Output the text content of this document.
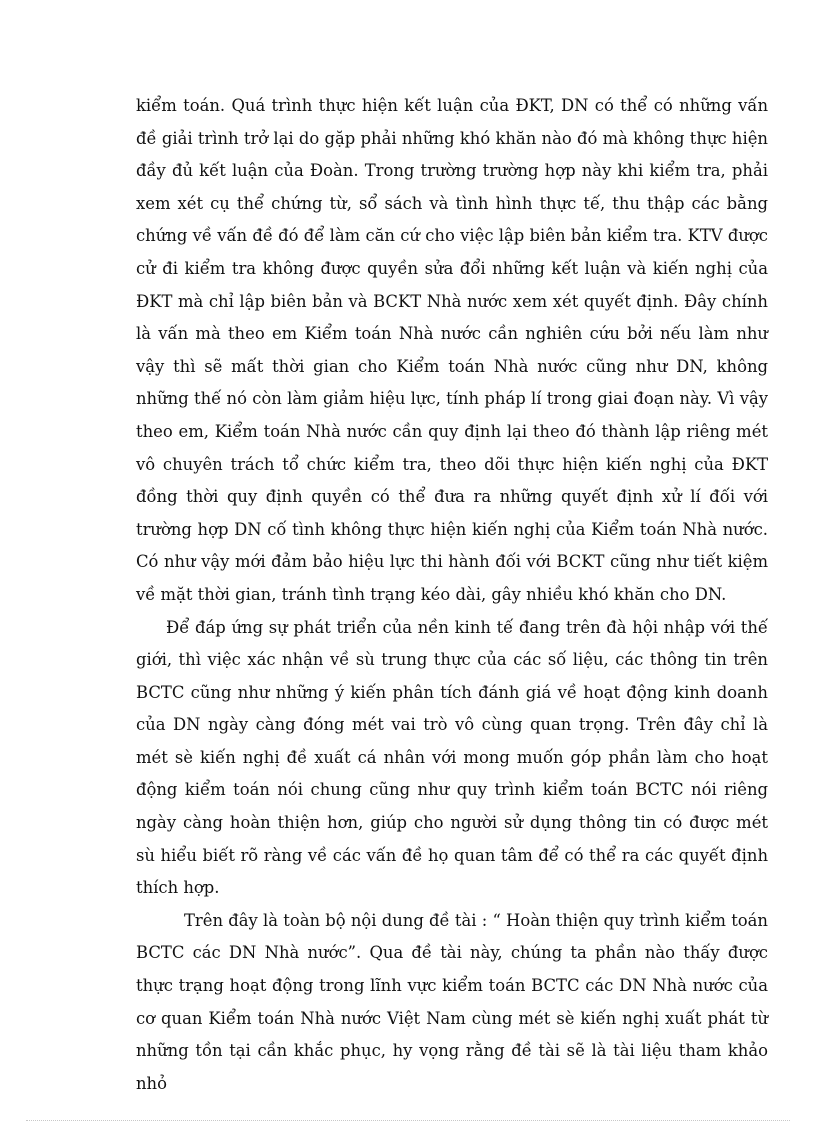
kiểm toán. Quá trình thực hiện kết luận của ĐKT, DN có thể có những vấn đề giải trình trở lại do gặp phải những khó khăn nào đó mà không thực hiện đầy đủ kết luận của Đoàn. Trong trường trường hợp này khi kiểm tra, phải xem xét cụ thể chứng từ, sổ sách và tình hình thực tế, thu thập các bằng chứng về vấn đề đó để làm căn cứ cho việc lập biên bản kiểm tra. KTV được cử đi kiểm tra không được quyền sửa đổi những kết luận và kiến nghị của ĐKT mà chỉ lập biên bản và BCKT Nhà nước xem xét quyết định. Đây chính là vấn mà theo em Kiểm toán Nhà nước cần nghiên cứu bởi nếu làm như vậy thì sẽ mất thời gian cho Kiểm toán Nhà nước cũng như DN, không những thế nó còn làm giảm hiệu lực, tính pháp lí trong giai đoạn này. Vì vậy theo em, Kiểm toán Nhà nước cần quy định lại theo đó thành lập riêng mét vô chuyên trách tổ chức kiểm tra, theo dõi thực hiện kiến nghị của ĐKT đồng thời quy định quyền có thể đưa ra những quyết định xử lí đối với trường hợp DN cố tình không thực hiện kiến nghị của Kiểm toán Nhà nước. Có như vậy mới đảm bảo hiệu lực thi hành đối với BCKT cũng như tiết kiệm về mặt thời gian, tránh tình trạng kéo dài, gây nhiều khó khăn cho DN.

Để đáp ứng sự phát triển của nền kinh tế đang trên đà hội nhập với thế giới, thì việc xác nhận về sù trung thực của các số liệu, các thông tin trên BCTC cũng như những ý kiến phân tích đánh giá về hoạt động kinh doanh của DN ngày càng đóng mét vai trò vô cùng quan trọng. Trên đây chỉ là mét sè kiến nghị đề xuất cá nhân với mong muốn góp phần làm cho hoạt động kiểm toán nói chung cũng như quy trình kiểm toán BCTC nói riêng ngày càng hoàn thiện hơn, giúp cho người sử dụng thông tin có được mét sù hiểu biết rõ ràng về các vấn đề họ quan tâm để có thể ra các quyết định thích hợp.

Trên đây là toàn bộ nội dung đề tài : “ Hoàn thiện quy trình kiểm toán BCTC các DN Nhà nước”. Qua đề tài này, chúng ta phần nào thấy được thực trạng hoạt động trong lĩnh vực kiểm toán BCTC các DN Nhà nước của cơ quan Kiểm toán Nhà nước Việt Nam cùng mét sè kiến nghị xuất phát từ những tồn tại cần khắc phục, hy vọng rằng đề tài sẽ là tài liệu tham khảo nhỏ
